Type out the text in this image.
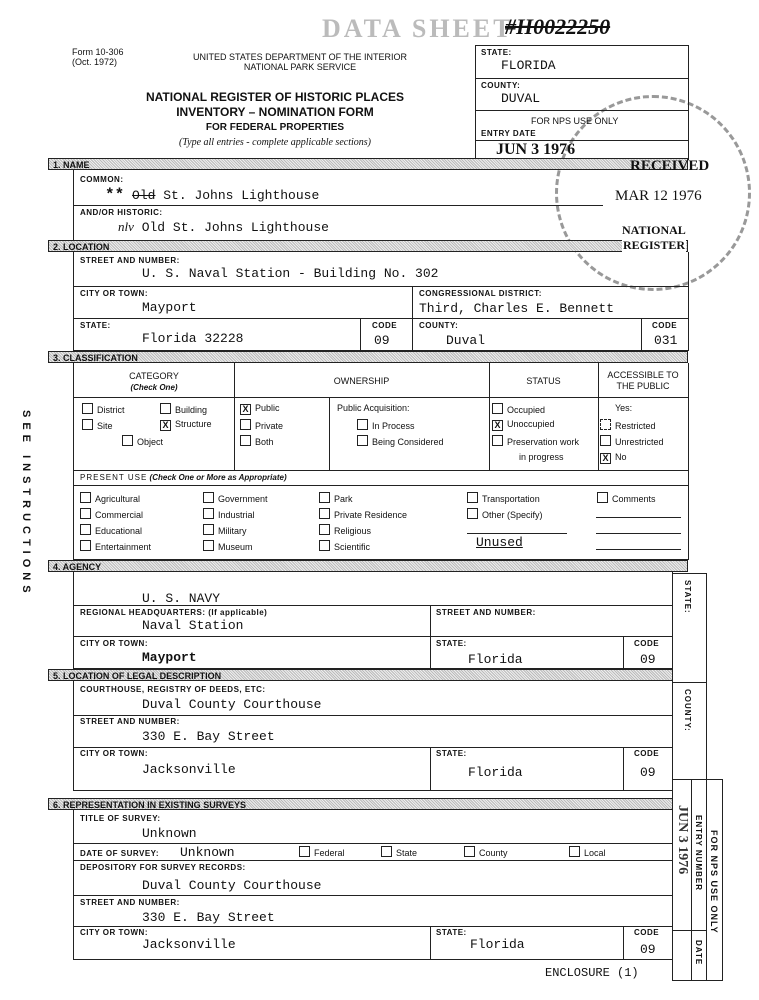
DATA SHEET
#H0022250
Form 10-306
(Oct. 1972)	UNITED STATES DEPARTMENT OF THE INTERIOR
NATIONAL PARK SERVICE
NATIONAL REGISTER OF HISTORIC PLACES
INVENTORY – NOMINATION FORM
FOR FEDERAL PROPERTIES
(Type all entries - complete applicable sections)
STATE:
FLORIDA
COUNTY:
DUVAL
FOR NPS USE ONLY
ENTRY DATE
JUN 3 1976
SEE INSTRUCTIONS
1. NAME
COMMON:
** Old St. Johns Lighthouse
AND/OR HISTORIC:
nlv Old St. Johns Lighthouse
RECEIVED
MAR 12 1976
NATIONAL
REGISTER
2. LOCATION
STREET AND NUMBER:
U. S. Naval Station - Building No. 302
CITY OR TOWN:
Mayport
CONGRESSIONAL DISTRICT:
Third, Charles E. Bennett
STATE:
Florida 32228
CODE
09
COUNTY:
Duval
CODE
031
3. CLASSIFICATION
CATEGORY
(Check One)
OWNERSHIP	STATUS
ACCESSIBLE TO THE PUBLIC
District	Building
Site	X Structure
Object
X Public
Private
Both
Public Acquisition:
In Process
Being Considered
Occupied
X Unoccupied
Preservation work
in progress
Yes:
Restricted
Unrestricted
X No
PRESENT USE (Check One or More as Appropriate)
Agricultural
Commercial
Educational
Entertainment
Government
Industrial
Military
Museum
Park
Private Residence
Religious
Scientific
Transportation
Other (Specify)
Comments
Unused
4. AGENCY
U. S. NAVY
REGIONAL HEADQUARTERS: (If applicable)
Naval Station
STREET AND NUMBER:
CITY OR TOWN:
Mayport
STATE:
Florida
CODE
09
5. LOCATION OF LEGAL DESCRIPTION
COURTHOUSE, REGISTRY OF DEEDS, ETC:
Duval County Courthouse
STREET AND NUMBER:
330 E. Bay Street
CITY OR TOWN:
Jacksonville
STATE:
Florida
CODE
09
6. REPRESENTATION IN EXISTING SURVEYS
TITLE OF SURVEY:
Unknown
DATE OF SURVEY: Unknown	Federal	State	County	Local
DEPOSITORY FOR SURVEY RECORDS:
Duval County Courthouse
STREET AND NUMBER:
330 E. Bay Street
CITY OR TOWN:
Jacksonville
STATE:
Florida
CODE
09
STATE:
COUNTY:
FOR NPS USE ONLY
ENTRY NUMBER
DATE
JUN 3 1976
ENCLOSURE (1)
